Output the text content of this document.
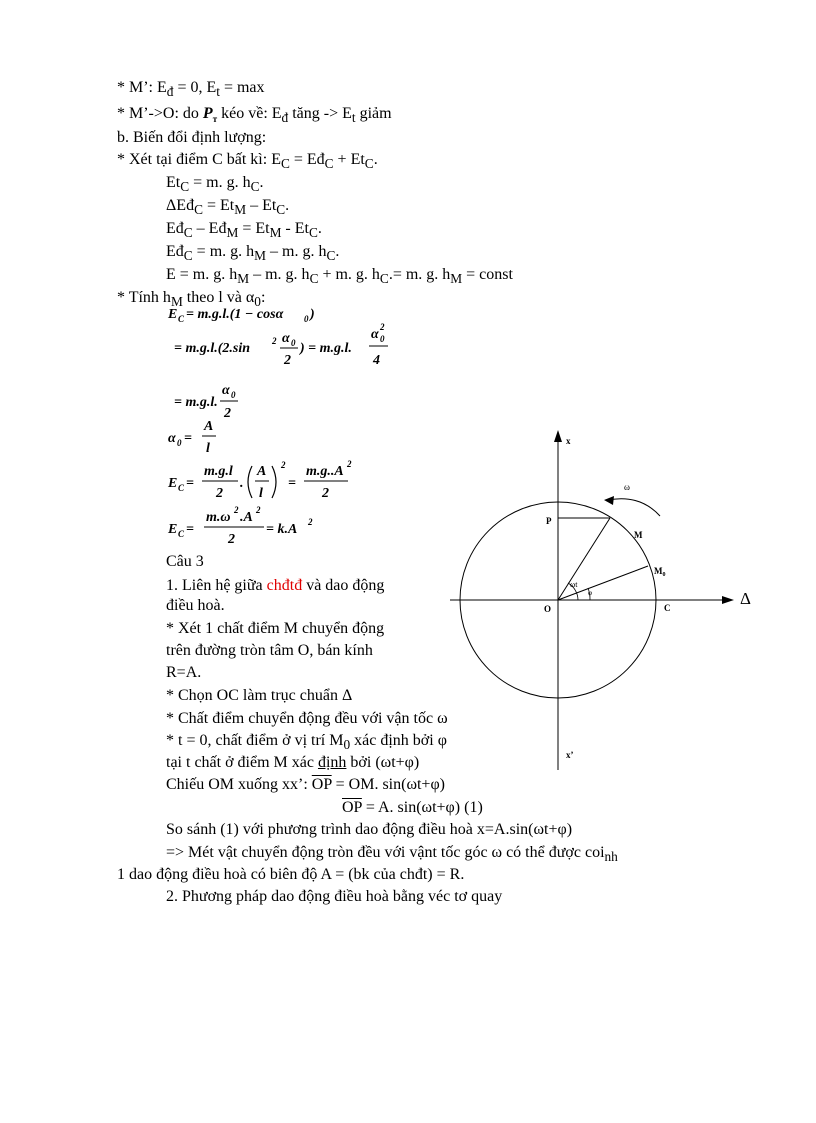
* M’: $E_đ = 0$, $E_t = \max$
* M’->O: do $P_ᴛ$ kéo về: $E_đ$ tăng -> $E_t$ giảm
b. Biến đổi định lượng:
* Xét tại điểm C bất kì: $E_C$ = $Eđ_C + Et_C$.
$Et_C = m$. g. $h_C$.
ΔEđ$_C$ = $Et_M - Et_C$.
$Eđ_C$ – $Eđ_M = Et_M - Et_C$.
$Eđ_C = m$. g. $h_M$ – m. g. $h_C$.
E = m. g. $h_M$ – m. g. $h_C + m$. g. $h_C.= m$. g. $h_M$ = const
* Tính $h_M$ theo l và $\alpha_0$:
E C = m.g.l.(1 − cosα 0 )
= m.g.l.(2.sin 2 α 0
2
) = m.g.l.
α 0
2
4
= m.g.l.
α 0
2
α 0 =
A
l
E C =
m.g.l
2
.
A
l
2
=
m.g..A 2
2
E C =
m.ω 2 .A 2
2
= k.A 2
Câu 3
1. Liên hệ giữa chđtđ và dao động
điều hoà.
* Xét 1 chất điểm M chuyển động
trên đường tròn tâm O, bán kính
R=A.
* Chọn OC làm trục chuẩn Δ
* Chất điểm chuyển động đều với vận tốc ω
* t = 0, chất điểm ở vị trí $M_0$ xác định bởi φ
tại t chất ở điểm M xác định bởi (ωt+φ)
Chiếu OM xuống xx’: $\overline{OP}$ = OM. sin(ωt+φ)
$\overline{OP} = A$. sin(ωt+φ) (1)
So sánh (1) với phương trình dao động điều hoà x=A.sin(ωt+φ)
=> Mét vật chuyển động tròn đều với vậnt tốc góc ω có thể được coi$_{nh}$
1 dao động điều hoà có biên độ A = (bk của chđt) = R.
2. Phương pháp dao động điều hoà bằng véc tơ quay
x
x’
O	C
P
M
$M_0$
ω
ωt
φ	Δ
